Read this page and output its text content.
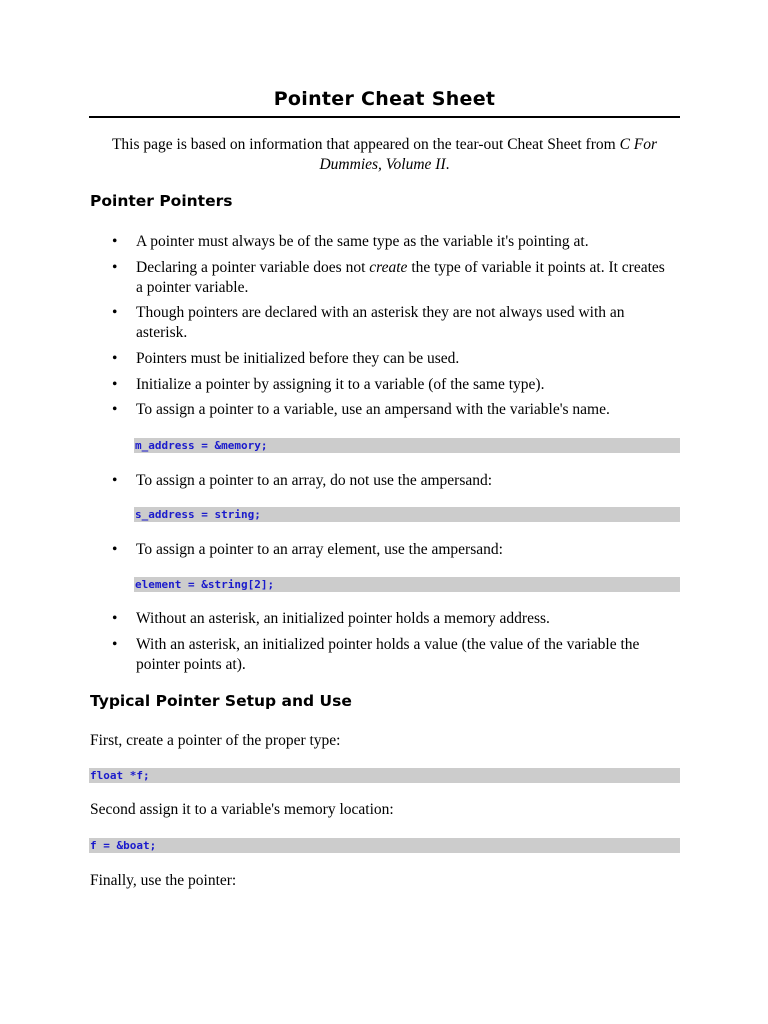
Pointer Cheat Sheet

This page is based on information that appeared on the tear-out Cheat Sheet from C For Dummies, Volume II.

Pointer Pointers

• A pointer must always be of the same type as the variable it's pointing at.

• Declaring a pointer variable does not create the type of variable it points at. It creates a pointer variable.

• Though pointers are declared with an asterisk they are not always used with an asterisk.

• Pointers must be initialized before they can be used.

• Initialize a pointer by assigning it to a variable (of the same type).

• To assign a pointer to a variable, use an ampersand with the variable's name.

m_address = &memory;

• To assign a pointer to an array, do not use the ampersand:

s_address = string;

• To assign a pointer to an array element, use the ampersand:

element = &string[2];

• Without an asterisk, an initialized pointer holds a memory address.

• With an asterisk, an initialized pointer holds a value (the value of the variable the pointer points at).

Typical Pointer Setup and Use

First, create a pointer of the proper type:

float *f;

Second assign it to a variable's memory location:

f = &boat;

Finally, use the pointer:
